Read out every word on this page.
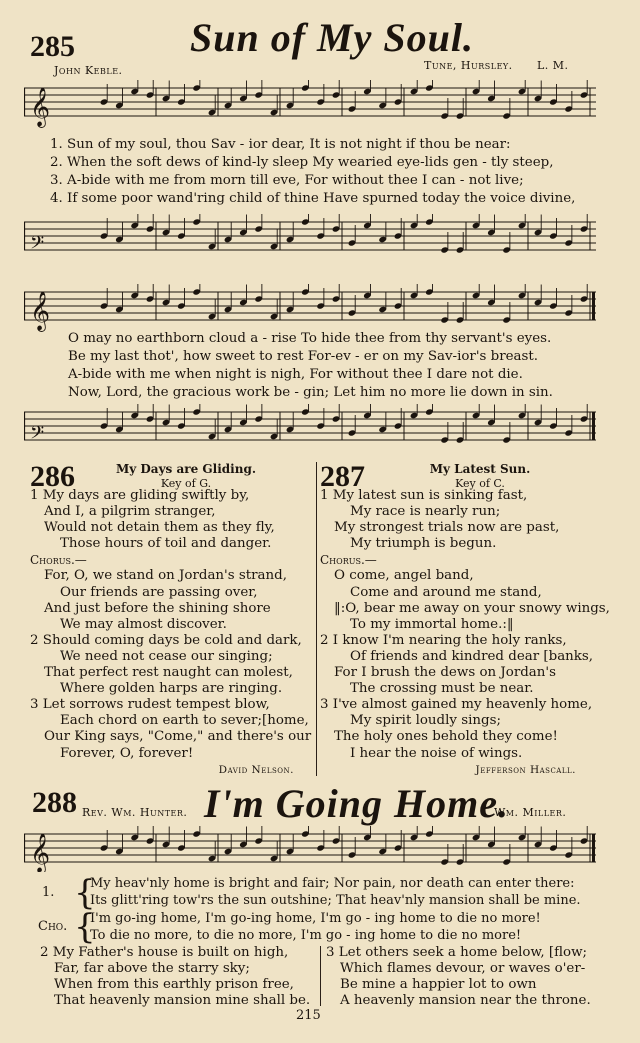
285	Sun of My Soul.
John Keble.	Tune, Hursley. L. M.
𝄞
1. Sun of my soul, thou Sav - ior dear, It is not night if thou be near:
2. When the soft dews of kind-ly sleep My wearied eye-lids gen - tly steep,
3. A-bide with me from morn till eve, For without thee I can - not live;
4. If some poor wand'ring child of thine Have spurned today the voice divine,
𝄢
𝄞
O may no earthborn cloud a - rise To hide thee from thy servant's eyes.
Be my last thot', how sweet to rest For-ev - er on my Sav-ior's breast.
A-bide with me when night is nigh, For without thee I dare not die.
Now, Lord, the gracious work be - gin; Let him no more lie down in sin.
𝄢
286	My Days are Gliding.
Key of G.
1 My days are gliding swiftly by,
And I, a pilgrim stranger,
Would not detain them as they fly,
Those hours of toil and danger.
Chorus.—
For, O, we stand on Jordan's strand,
Our friends are passing over,
And just before the shining shore
We may almost discover.
2 Should coming days be cold and dark,
We need not cease our singing;
That perfect rest naught can molest,
Where golden harps are ringing.
3 Let sorrows rudest tempest blow,
Each chord on earth to sever;[home,
Our King says, "Come," and there's our
Forever, O, forever!
David Nelson.
287	My Latest Sun.
Key of C.
1 My latest sun is sinking fast,
My race is nearly run;
My strongest trials now are past,
My triumph is begun.
Chorus.—
O come, angel band,
Come and around me stand,
‖:O, bear me away on your snowy wings,
To my immortal home.:‖
2 I know I'm nearing the holy ranks,
Of friends and kindred dear [banks,
For I brush the dews on Jordan's
The crossing must be near.
3 I've almost gained my heavenly home,
My spirit loudly sings;
The holy ones behold they come!
I hear the noise of wings.
Jefferson Hascall.
288 Rev. Wm. Hunter. I'm Going Home.
Wm. Miller.
𝄞
1. {
My heav'nly home is bright and fair; Nor pain, nor death can enter there:
Its glitt'ring tow'rs the sun outshine; That heav'nly mansion shall be mine.
Cho. {
I'm go-ing home, I'm go-ing home, I'm go - ing home to die no more!
To die no more, to die no more, I'm go - ing home to die no more!
2 My Father's house is built on high,
Far, far above the starry sky;
When from this earthly prison free,
That heavenly mansion mine shall be.
3 Let others seek a home below, [flow;
Which flames devour, or waves o'er-
Be mine a happier lot to own
A heavenly mansion near the throne.
215
